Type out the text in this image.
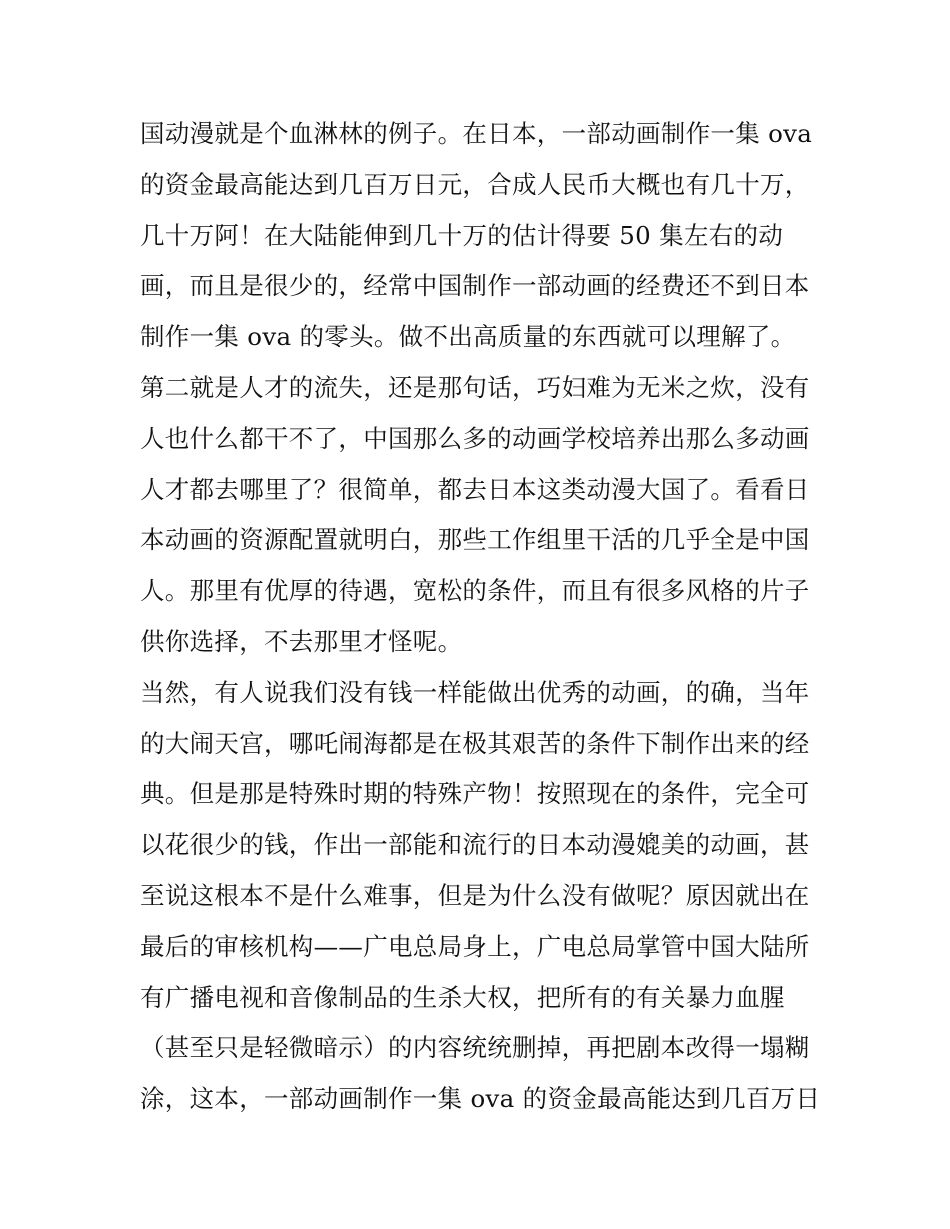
国动漫就是个血淋林的例子。在日本，一部动画制作一集 ova
的资金最高能达到几百万日元，合成人民币大概也有几十万，
几十万阿！在大陆能伸到几十万的估计得要 50 集左右的动
画，而且是很少的，经常中国制作一部动画的经费还不到日本
制作一集 ova 的零头。做不出高质量的东西就可以理解了。
第二就是人才的流失，还是那句话，巧妇难为无米之炊，没有
人也什么都干不了，中国那么多的动画学校培养出那么多动画
人才都去哪里了？很简单，都去日本这类动漫大国了。看看日
本动画的资源配置就明白，那些工作组里干活的几乎全是中国
人。那里有优厚的待遇，宽松的条件，而且有很多风格的片子
供你选择，不去那里才怪呢。
当然，有人说我们没有钱一样能做出优秀的动画，的确，当年
的大闹天宫，哪吒闹海都是在极其艰苦的条件下制作出来的经
典。但是那是特殊时期的特殊产物！按照现在的条件，完全可
以花很少的钱，作出一部能和流行的日本动漫媲美的动画，甚
至说这根本不是什么难事，但是为什么没有做呢？原因就出在
最后的审核机构——广电总局身上，广电总局掌管中国大陆所
有广播电视和音像制品的生杀大权，把所有的有关暴力血腥
（甚至只是轻微暗示）的内容统统删掉，再把剧本改得一塌糊
涂，这本，一部动画制作一集 ova 的资金最高能达到几百万日
